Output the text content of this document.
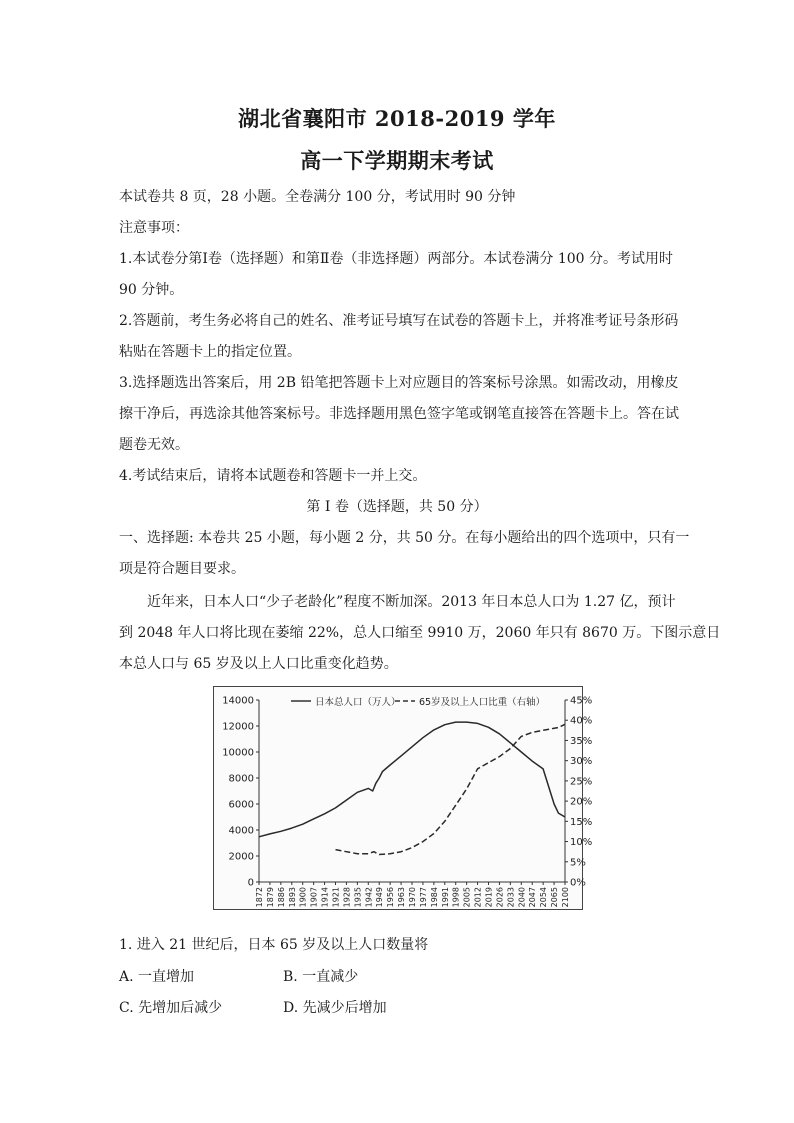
湖北省襄阳市 2018-2019 学年
高一下学期期末考试
本试卷共 8 页，28 小题。全卷满分 100 分，考试用时 90 分钟
注意事项：
1.本试卷分第Ⅰ卷（选择题）和第Ⅱ卷（非选择题）两部分。本试卷满分 100 分。考试用时
90 分钟。
2.答题前，考生务必将自己的姓名、准考证号填写在试卷的答题卡上，并将准考证号条形码
粘贴在答题卡上的指定位置。
3.选择题选出答案后，用 2B 铅笔把答题卡上对应题目的答案标号涂黑。如需改动，用橡皮
擦干净后，再选涂其他答案标号。非选择题用黑色签字笔或钢笔直接答在答题卡上。答在试
题卷无效。
4.考试结束后，请将本试题卷和答题卡一并上交。
第 I 卷（选择题，共 50 分）
一、选择题: 本卷共 25 小题，每小题 2 分，共 50 分。在每小题给出的四个选项中，只有一
项是符合题目要求。
近年来，日本人口“少子老龄化”程度不断加深。2013 年日本总人口为 1.27 亿，预计
到 2048 年人口将比现在萎缩 22%，总人口缩至 9910 万，2060 年只有 8670 万。下图示意日
本总人口与 65 岁及以上人口比重变化趋势。
0
2000
4000
6000
8000
10000
12000
14000
0%
5%
10%
15%
20%
25%
30%
35%
40%
45%
1872 1879 1886 1893 1900 1907 1914 1921 1928 1935 1942 1949 1956 1963 1970 1977 1984 1991 1998 2005 2012 2019 2026 2033 2040 2047 2054 2065 2100
日本总人口（万人） 65岁及以上人口比重（右轴）
1. 进入 21 世纪后，日本 65 岁及以上人口数量将
A. 一直增加	B. 一直减少
C. 先增加后减少	D. 先减少后增加
